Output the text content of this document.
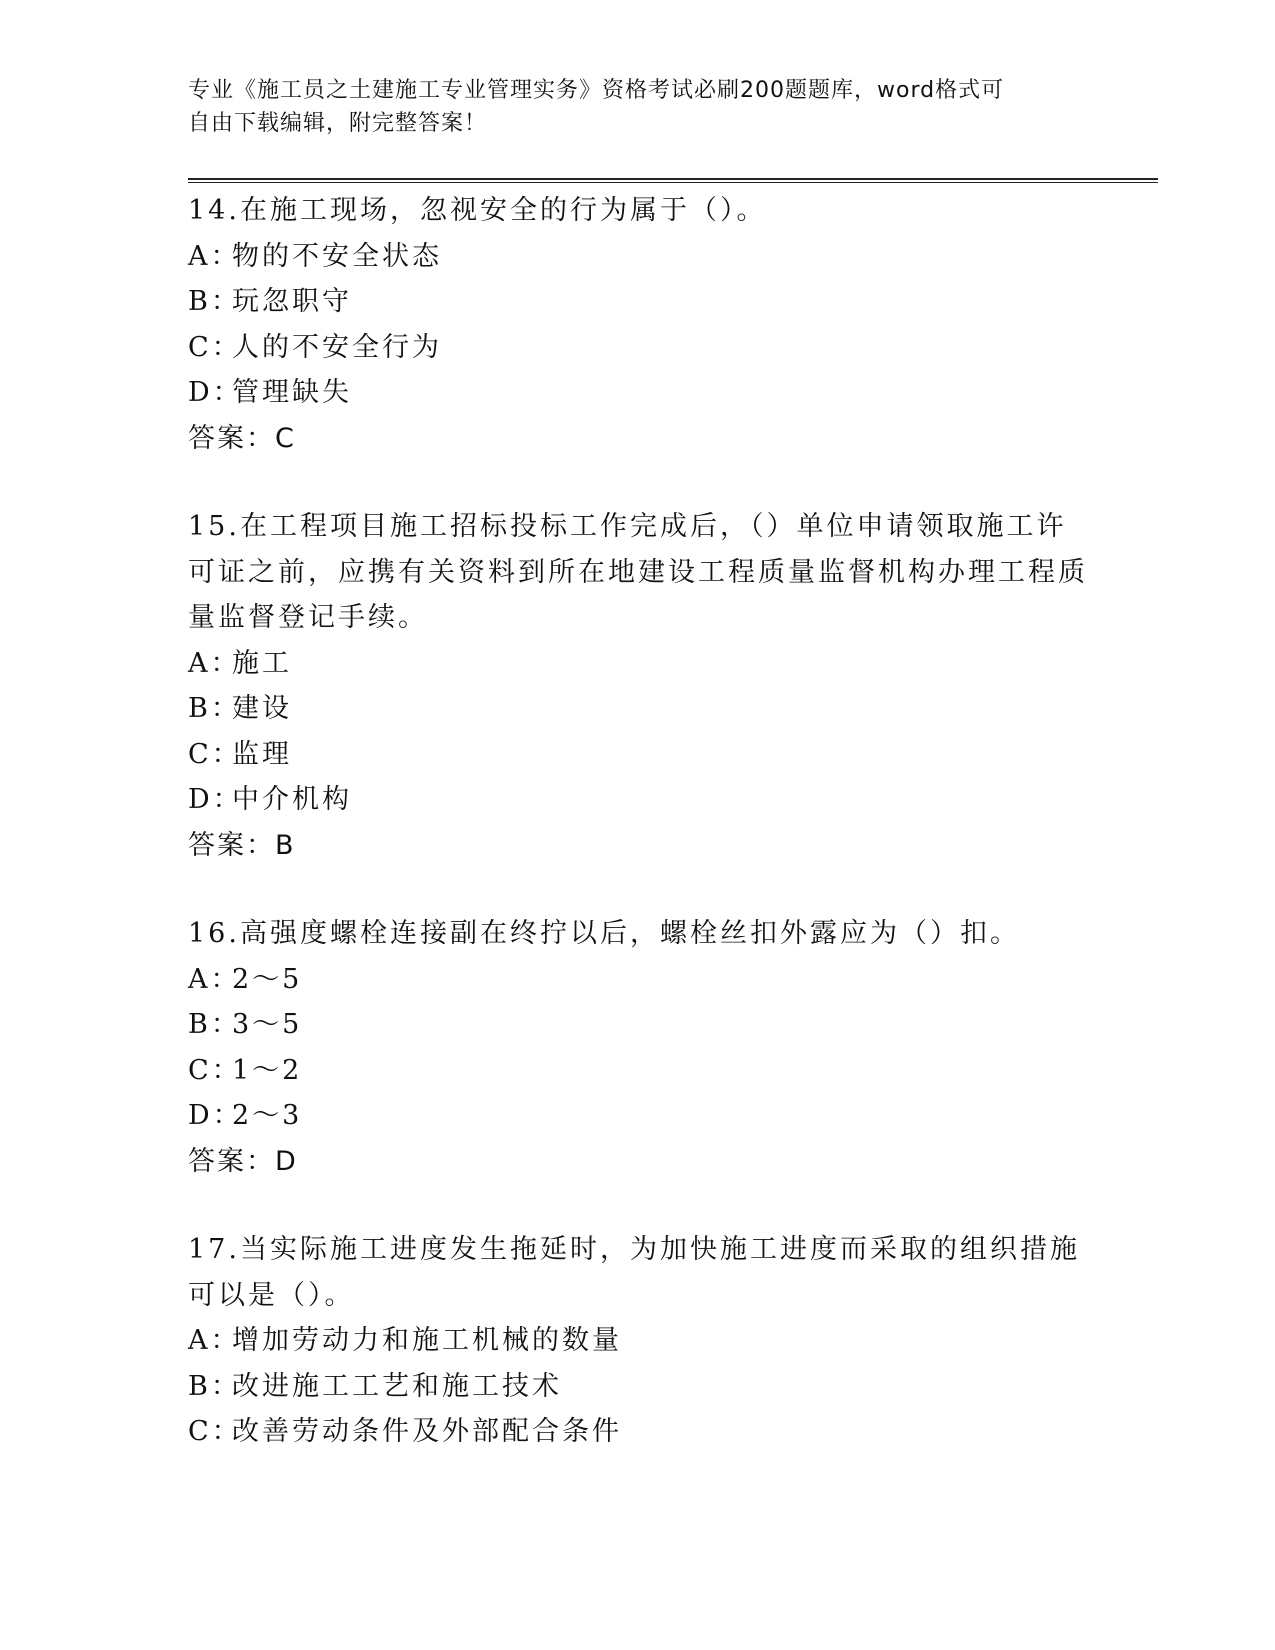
专业《施工员之土建施工专业管理实务》资格考试必刷200题题库，word格式可
自由下载编辑，附完整答案！
14.在施工现场，忽视安全的行为属于（）。
A：物的不安全状态
B：玩忽职守
C：人的不安全行为
D：管理缺失
答案：C
15.在工程项目施工招标投标工作完成后，（）单位申请领取施工许可证之前，应携有关资料到所在地建设工程质量监督机构办理工程质量监督登记手续。
A：施工
B：建设
C：监理
D：中介机构
答案：B
16.高强度螺栓连接副在终拧以后，螺栓丝扣外露应为（）扣。
A：2～5
B：3～5
C：1～2
D：2～3
答案：D
17.当实际施工进度发生拖延时，为加快施工进度而采取的组织措施可以是（）。
A：增加劳动力和施工机械的数量
B：改进施工工艺和施工技术
C：改善劳动条件及外部配合条件
